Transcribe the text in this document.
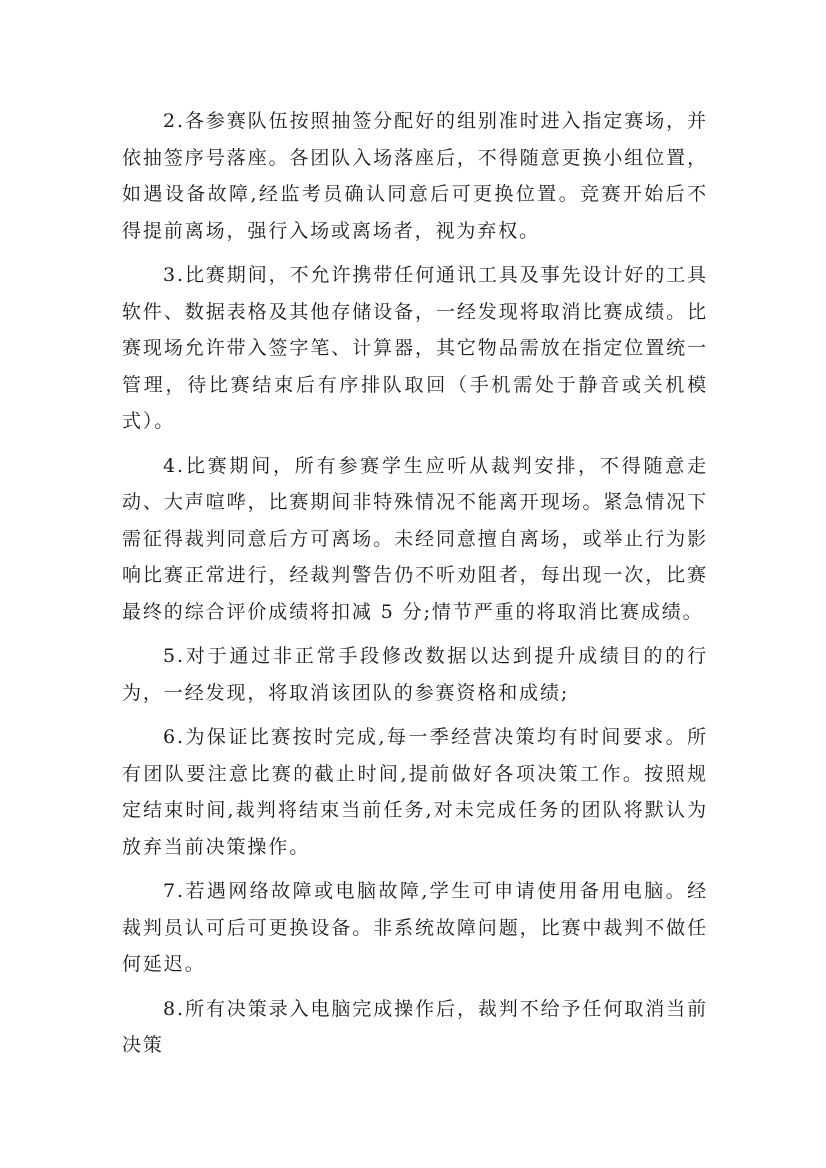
2.各参赛队伍按照抽签分配好的组别准时进入指定赛场，并依抽签序号落座。各团队入场落座后，不得随意更换小组位置，如遇设备故障,经监考员确认同意后可更换位置。竞赛开始后不得提前离场，强行入场或离场者，视为弃权。

3.比赛期间，不允许携带任何通讯工具及事先设计好的工具软件、数据表格及其他存储设备，一经发现将取消比赛成绩。比赛现场允许带入签字笔、计算器，其它物品需放在指定位置统一管理，待比赛结束后有序排队取回（手机需处于静音或关机模式）。

4.比赛期间，所有参赛学生应听从裁判安排，不得随意走动、大声喧哗，比赛期间非特殊情况不能离开现场。紧急情况下需征得裁判同意后方可离场。未经同意擅自离场，或举止行为影响比赛正常进行，经裁判警告仍不听劝阻者，每出现一次，比赛最终的综合评价成绩将扣减 5 分;情节严重的将取消比赛成绩。

5.对于通过非正常手段修改数据以达到提升成绩目的的行为，一经发现，将取消该团队的参赛资格和成绩;

6.为保证比赛按时完成,每一季经营决策均有时间要求。所有团队要注意比赛的截止时间,提前做好各项决策工作。按照规定结束时间,裁判将结束当前任务,对未完成任务的团队将默认为放弃当前决策操作。

7.若遇网络故障或电脑故障,学生可申请使用备用电脑。经裁判员认可后可更换设备。非系统故障问题，比赛中裁判不做任何延迟。

8.所有决策录入电脑完成操作后，裁判不给予任何取消当前决策
